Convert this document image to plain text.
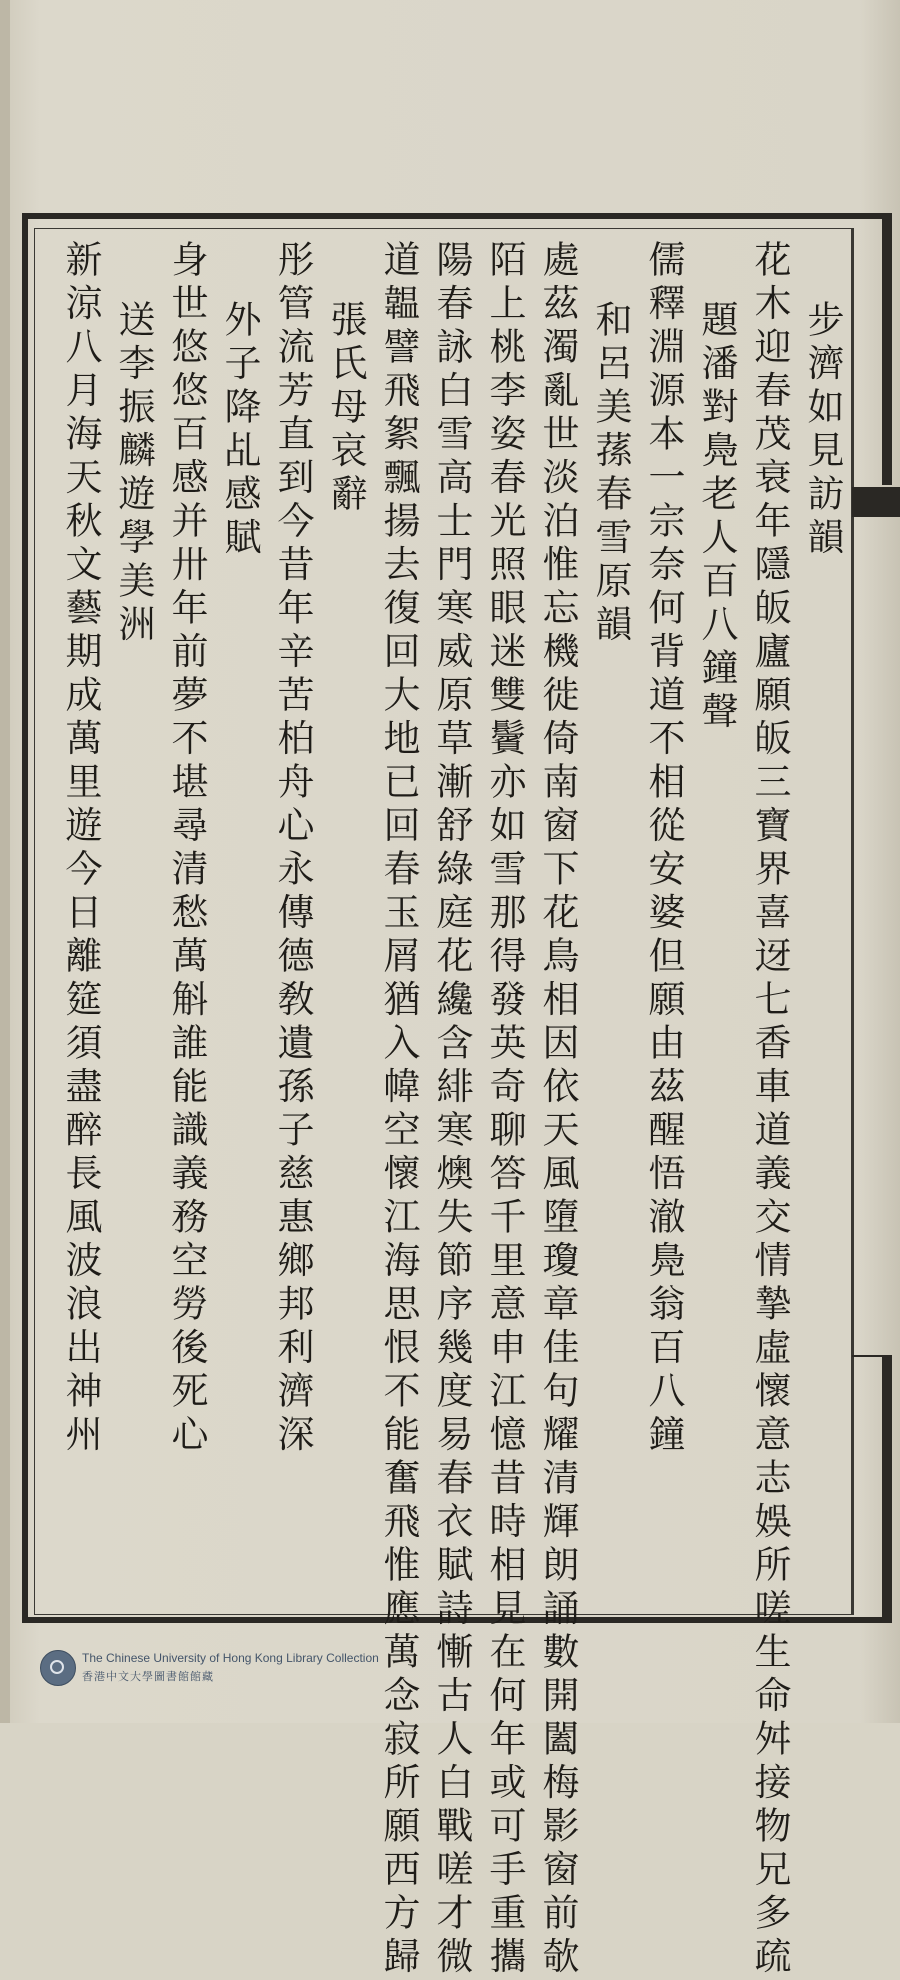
步濟如見訪韻
花木迎春茂衰年隱皈廬願皈三寶界喜迓七香車道義交情摯虛懷意志娛所嗟生命舛接物兄多疏
題潘對鳧老人百八鐘聲
儒釋淵源本一宗奈何背道不相從安婆但願由茲醒悟澈鳧翁百八鐘
和呂美蓀春雪原韻
處茲濁亂世淡泊惟忘機徙倚南窗下花鳥相因依天風墮瓊章佳句耀清輝朗誦數開闔梅影窗前欹
陌上桃李姿春光照眼迷雙鬢亦如雪那得發英奇聊答千里意申江憶昔時相見在何年或可手重攜
陽春詠白雪高士門寒威原草漸舒綠庭花纔含緋寒燠失節序幾度易春衣賦詩慚古人白戰嗟才微
道韞譬飛絮飄揚去復回大地已回春玉屑猶入幃空懷江海思恨不能奮飛惟應萬念寂所願西方歸
張氏母哀辭
彤管流芳直到今昔年辛苦柏舟心永傳德敎遺孫子慈惠鄉邦利濟深
外子降乩感賦
身世悠悠百感并卅年前夢不堪尋清愁萬斛誰能識義務空勞後死心
送李振麟遊學美洲
新涼八月海天秋文藝期成萬里遊今日離筵須盡醉長風波浪出神州
The Chinese University of Hong Kong Library Collection
香港中文大學圖書館館藏
